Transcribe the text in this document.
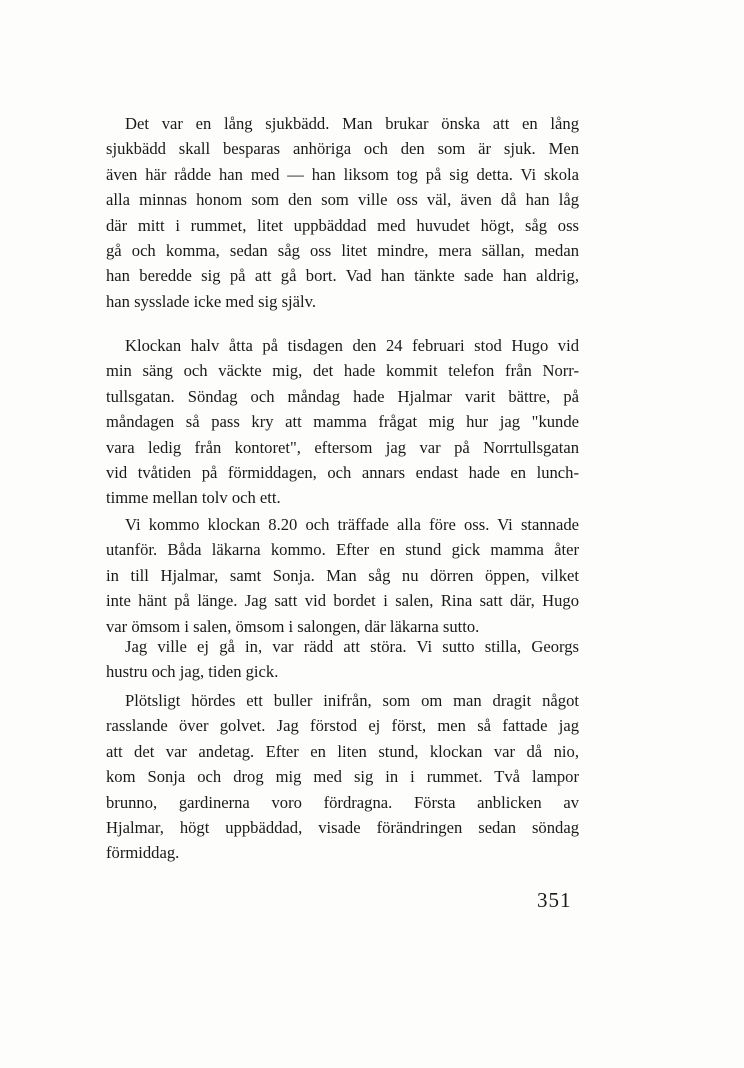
Det var en lång sjukbädd. Man brukar önska att en lång

sjukbädd skall besparas anhöriga och den som är sjuk. Men

även här rådde han med — han liksom tog på sig detta. Vi skola

alla minnas honom som den som ville oss väl, även då han låg

där mitt i rummet, litet uppbäddad med huvudet högt, såg oss

gå och komma, sedan såg oss litet mindre, mera sällan, medan

han beredde sig på att gå bort. Vad han tänkte sade han aldrig,

han sysslade icke med sig själv.

Klockan halv åtta på tisdagen den 24 februari stod Hugo vid

min säng och väckte mig, det hade kommit telefon från Norr-

tullsgatan. Söndag och måndag hade Hjalmar varit bättre, på

måndagen så pass kry att mamma frågat mig hur jag "kunde

vara ledig från kontoret", eftersom jag var på Norrtullsgatan

vid tvåtiden på förmiddagen, och annars endast hade en lunch-

timme mellan tolv och ett.

Vi kommo klockan 8.20 och träffade alla före oss. Vi stannade

utanför. Båda läkarna kommo. Efter en stund gick mamma åter

in till Hjalmar, samt Sonja. Man såg nu dörren öppen, vilket

inte hänt på länge. Jag satt vid bordet i salen, Rina satt där, Hugo

var ömsom i salen, ömsom i salongen, där läkarna sutto.

Jag ville ej gå in, var rädd att störa. Vi sutto stilla, Georgs

hustru och jag, tiden gick.

Plötsligt hördes ett buller inifrån, som om man dragit något

rasslande över golvet. Jag förstod ej först, men så fattade jag

att det var andetag. Efter en liten stund, klockan var då nio,

kom Sonja och drog mig med sig in i rummet. Två lampor

brunno, gardinerna voro fördragna. Första anblicken av

Hjalmar, högt uppbäddad, visade förändringen sedan söndag

förmiddag.

351
